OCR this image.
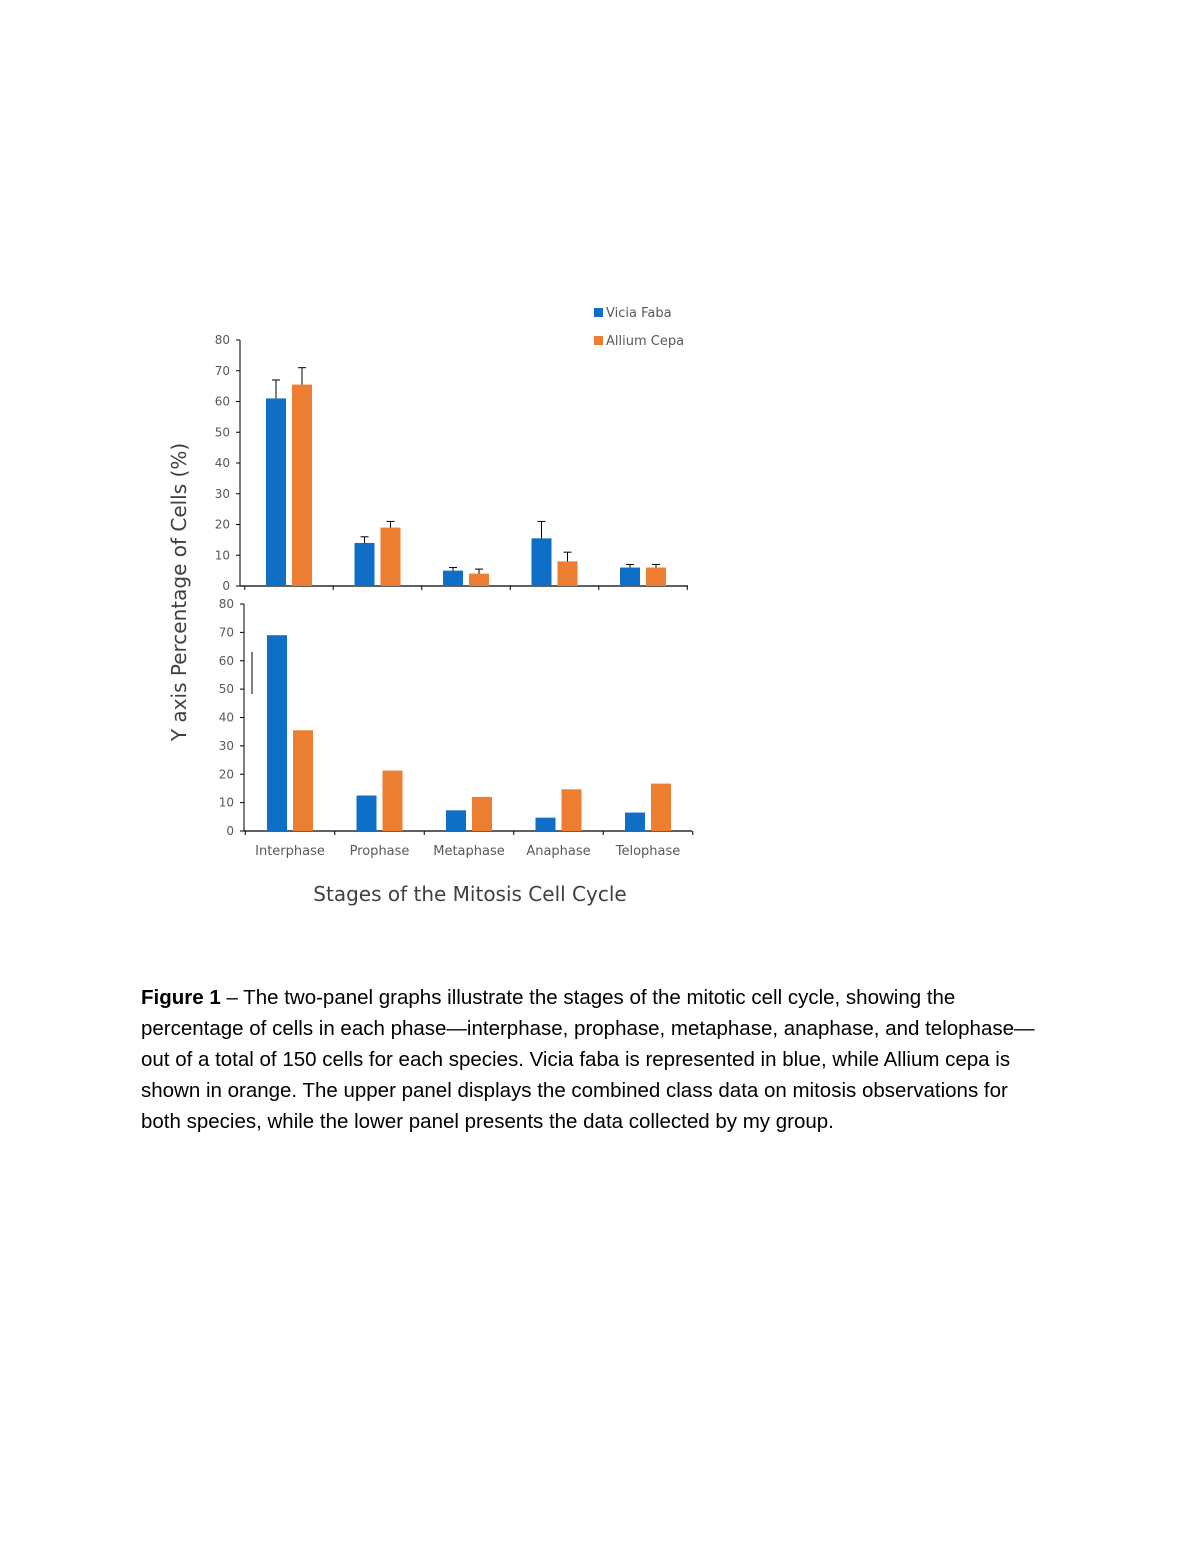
0
10
20
30
40
50
60
70
80
0
10
20
30
40
50
60
70
80
Interphase Prophase Metaphase Anaphase Telophase
Vicia Faba
Allium Cepa
Y axis Percentage of Cells (%)
Stages of the Mitosis Cell Cycle
Figure 1 – The two-panel graphs illustrate the stages of the mitotic cell cycle, showing the percentage of cells in each phase—interphase, prophase, metaphase, anaphase, and telophase—out of a total of 150 cells for each species. Vicia faba is represented in blue, while Allium cepa is shown in orange. The upper panel displays the combined class data on mitosis observations for both species, while the lower panel presents the data collected by my group.
